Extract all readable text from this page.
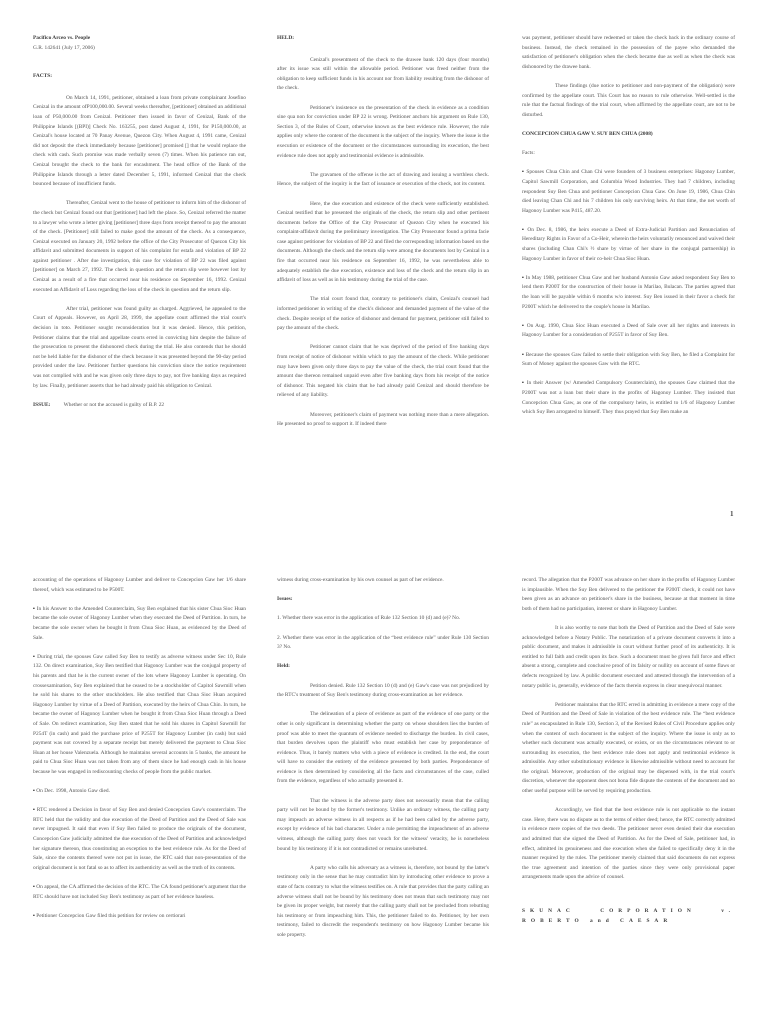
Pacifico Arceo vs. People

G.R. 142641 (July 17, 2006)

FACTS:

On March 14, 1991, petitioner, obtained a loan from private complainant Josefino Cenizal in the amount ofP100,000.00. Several weeks thereafter, [petitioner] obtained an additional loan of P50,000.00 from Cenizal. Petitioner then issued in favor of Cenizal, Bank of the Philippine Islands [(BPI)] Check No. 163255, post dated August 4, 1991, for P150,000.00, at Cenizal's house located at 70 Panay Avenue, Quezon City. When August 4, 1991 came, Cenizal did not deposit the check immediately because [petitioner] promised [] that he would replace the check with cash. Such promise was made verbally seven (7) times. When his patience ran out, Cenizal brought the check to the bank for encashment. The head office of the Bank of the Philippine Islands through a letter dated December 5, 1991, informed Cenizal that the check bounced because of insufficient funds.

Thereafter, Cenizal went to the house of petitioner to inform him of the dishonor of the check but Cenizal found out that [petitioner] had left the place. So, Cenizal referred the matter to a lawyer who wrote a letter giving [petitioner] three days from receipt thereof to pay the amount of the check. [Petitioner] still failed to make good the amount of the check. As a consequence, Cenizal executed on January 20, 1992 before the office of the City Prosecutor of Quezon City his affidavit and submitted documents in support of his complaint for estafa and violation of BP 22 against petitioner . After due investigation, this case for violation of BP 22 was filed against [petitioner] on March 27, 1992. The check in question and the return slip were however lost by Cenizal as a result of a fire that occurred near his residence on September 16, 1992. Cenizal executed an Affidavit of Loss regarding the loss of the check in question and the return slip.

After trial, petitioner was found guilty as charged. Aggrieved, he appealed to the Court of Appeals. However, on April 28, 1999, the appellate court affirmed the trial court's decision in toto. Petitioner sought reconsideration but it was denied. Hence, this petition, Petitioner claims that the trial and appellate courts erred in convicting him despite the failure of the prosecution to present the dishonored check during the trial. He also contends that he should not be held liable for the dishonor of the check because it was presented beyond the 90-day period provided under the law. Petitioner further questions his conviction since the notice requirement was not complied with and he was given only three days to pay, not five banking days as required by law. Finally, petitioner asserts that he had already paid his obligation to Cenizal.

ISSUE: Whether or not the accused is guilty of B.P. 22

HELD:

Cenizal's presentment of the check to the drawee bank 120 days (four months) after its issue was still within the allowable period. Petitioner was freed neither from the obligation to keep sufficient funds in his account nor from liability resulting from the dishonor of the check.

Petitioner's insistence on the presentation of the check in evidence as a condition sine qua non for conviction under BP 22 is wrong. Petitioner anchors his argument on Rule 130, Section 3, of the Rules of Court, otherwise known as the best evidence rule. However, the rule applies only where the content of the document is the subject of the inquiry. Where the issue is the execution or existence of the document or the circumstances surrounding its execution, the best evidence rule does not apply and testimonial evidence is admissible.

The gravamen of the offense is the act of drawing and issuing a worthless check. Hence, the subject of the inquiry is the fact of issuance or execution of the check, not its content.

Here, the due execution and existence of the check were sufficiently established. Cenizal testified that he presented the originals of the check, the return slip and other pertinent documents before the Office of the City Prosecutor of Quezon City when he executed his complaint-affidavit during the preliminary investigation. The City Prosecutor found a prima facie case against petitioner for violation of BP 22 and filed the corresponding information based on the documents. Although the check and the return slip were among the documents lost by Cenizal in a fire that occurred near his residence on September 16, 1992, he was nevertheless able to adequately establish the due execution, existence and loss of the check and the return slip in an affidavit of loss as well as in his testimony during the trial of the case.

The trial court found that, contrary to petitioner's claim, Cenizal's counsel had informed petitioner in writing of the check's dishonor and demanded payment of the value of the check. Despite receipt of the notice of dishonor and demand for payment, petitioner still failed to pay the amount of the check.

Petitioner cannot claim that he was deprived of the period of five banking days from receipt of notice of dishonor within which to pay the amount of the check. While petitioner may have been given only three days to pay the value of the check, the trial court found that the amount due thereon remained unpaid even after five banking days from his receipt of the notice of dishonor. This negated his claim that he had already paid Cenizal and should therefore be relieved of any liability.

Moreover, petitioner's claim of payment was nothing more than a mere allegation. He presented no proof to support it. If indeed there

was payment, petitioner should have redeemed or taken the check back in the ordinary course of business. Instead, the check remained in the possession of the payee who demanded the satisfaction of petitioner's obligation when the check became due as well as when the check was dishonored by the drawee bank.

These findings (due notice to petitioner and non-payment of the obligation) were confirmed by the appellate court. This Court has no reason to rule otherwise. Well-settled is the rule that the factual findings of the trial court, when affirmed by the appellate court, are not to be disturbed.

CONCEPCION CHUA GAW V. SUY BEN CHUA (2008)

Facts:

▪ Spouses Chua Chin and Chan Chi were founders of 3 business enterprises: Hagonoy Lumber, Capitol Sawmill Corporation, and Columbia Wood Industries. They had 7 children, including respondent Suy Ben Chua and petitioner Concepcion Chua Gaw. On June 19, 1986, Chua Chin died leaving Chan Chi and his 7 children his only surviving heirs. At that time, the net worth of Hagonoy Lumber was P415, 487.20.

▪ On Dec. 8, 1986, the heirs execute a Deed of Extra-Judicial Partition and Renunciation of Hereditary Rights in Favor of a Co-Heir, wherein the heirs voluntarily renounced and waived their shares (including Chan Chi's ½ share by virtue of her share in the conjugal partnership) in Hagonoy Lumber in favor of their co-heir Chua Sioc Huan.

▪ In May 1988, petitioner Chua Gaw and her husband Antonio Gaw asked respondent Suy Ben to lend them P200T for the construction of their house in Marilao, Bulacan. The parties agreed that the loan will be payable within 6 months w/o interest. Suy Ben issued in their favor a check for P200T which he delivered to the couple's house in Marilao.

▪ On Aug. 1990, Chua Sioc Huan executed a Deed of Sale over all her rights and interests in Hagonoy Lumber for a consideration of P255T in favor of Suy Ben.

▪ Because the spouses Gaw failed to settle their obligation with Suy Ben, he filed a Complaint for Sum of Money against the spouses Gaw with the RTC.

▪ In their Answer (w/ Amended Compulsory Counterclaim), the spouses Gaw claimed that the P200T was not a loan but their share in the profits of Hagonoy Lumber. They insisted that Concepcion Chua Gaw, as one of the compulsory heirs, is entitled to 1/6 of Hagonoy Lumber which Suy Ben arrogated to himself. They thus prayed that Suy Ben make an

1

accounting of the operations of Hagonoy Lumber and deliver to Concepcion Gaw her 1/6 share thereof, which was estimated to be P500T.

▪ In his Answer to the Amended Counterclaim, Suy Ben explained that his sister Chua Sioc Huan became the sole owner of Hagonoy Lumber when they executed the Deed of Partition. In turn, he became the sole owner when he bought it from Chua Sioc Huan, as evidenced by the Deed of Sale.

▪ During trial, the spouses Gaw called Suy Ben to testify as adverse witness under Sec 10, Rule 132. On direct examination, Suy Ben testified that Hagonoy Lumber was the conjugal property of his parents and that he is the current owner of the lots where Hagonoy Lumber is operating. On crossexamination, Suy Ben explained that he ceased to be a stockholder of Capitol Sawmill when he sold his shares to the other stockholders. He also testified that Chua Sioc Huan acquired Hagonoy Lumber by virtue of a Deed of Partition, executed by the heirs of Chua Chin. In turn, he became the owner of Hagonoy Lumber when he bought it from Chua Sioc Huan through a Deed of Sale. On redirect examination, Suy Ben stated that he sold his shares in Capitol Sawmill for P254T (in cash) and paid the purchase price of P255T for Hagonoy Lumber (in cash) but said payment was not covered by a separate receipt but merely delivered the payment to Chua Sioc Huan at her house Valenzuela. Although he maintains several accounts in 5 banks, the amount he paid to Chua Sioc Huan was not taken from any of them since he had enough cash in his house because he was engaged in rediscounting checks of people from the public market.

▪ On Dec. 1998, Antonio Gaw died.

▪ RTC rendered a Decision in favor of Suy Ben and denied Concepcion Gaw's counterclaim. The RTC held that the validity and due execution of the Deed of Partition and the Deed of Sale was never impugned. It said that even if Suy Ben failed to produce the originals of the document, Concepcion Gaw judicially admitted the due execution of the Deed of Partition and acknowledged her signature thereon, thus constituting an exception to the best evidence rule. As for the Deed of Sale, since the contents thereof were not put in issue, the RTC said that non-presentation of the original document is not fatal so as to affect its authenticity as well as the truth of its contents.

▪ On appeal, the CA affirmed the decision of the RTC. The CA found petitioner's argument that the RTC should have not included Suy Ben's testimony as part of her evidence baseless.

▪ Petitioner Concepcion Gaw filed this petition for review on certiorari

witness during cross-examination by his own counsel as part of her evidence.

Issues:

1. Whether there was error in the application of Rule 132 Section 10 (d) and (e)? No.

2. Whether there was error in the application of the “best evidence rule” under Rule 130 Section 3? No.

Held:

Petition denied. Rule 132 Section 10 (d) and (e) Gaw's case was not prejudiced by the RTC's treatment of Suy Ben's testimony during cross-examination as her evidence.

The delineation of a piece of evidence as part of the evidence of one party or the other is only significant in determining whether the party on whose shoulders lies the burden of proof was able to meet the quantum of evidence needed to discharge the burden. In civil cases, that burden devolves upon the plaintiff who must establish her case by preponderance of evidence. Thus, it barely matters who with a piece of evidence is credited. In the end, the court will have to consider the entirety of the evidence presented by both parties. Preponderance of evidence is then determined by considering all the facts and circumstances of the case, culled from the evidence, regardless of who actually presented it.

That the witness is the adverse party does not necessarily mean that the calling party will not be bound by the former's testimony. Unlike an ordinary witness, the calling party may impeach an adverse witness in all respects as if he had been called by the adverse party, except by evidence of his bad character. Under a rule permitting the impeachment of an adverse witness, although the calling party does not vouch for the witness' veracity, he is nonetheless bound by his testimony if it is not contradicted or remains unrebutted.

A party who calls his adversary as a witness is, therefore, not bound by the latter's testimony only in the sense that he may contradict him by introducing other evidence to prove a state of facts contrary to what the witness testifies on. A rule that provides that the party calling an adverse witness shall not be bound by his testimony does not mean that such testimony may not be given its proper weight, but merely that the calling party shall not be precluded from rebutting his testimony or from impeaching him. This, the petitioner failed to do. Petitioner, by her own testimony, failed to discredit the respondent's testimony on how Hagonoy Lumber became his sole property.

record. The allegation that the P200T was advance on her share in the profits of Hagonoy Lumber is implausible. When the Suy Ben delivered to the petitioner the P200T check, it could not have been given as an advance on petitioner's share in the business, because at that moment in time both of them had no participation, interest or share in Hagonoy Lumber.

It is also worthy to note that both the Deed of Partition and the Deed of Sale were acknowledged before a Notary Public. The notarization of a private document converts it into a public document, and makes it admissible in court without further proof of its authenticity. It is entitled to full faith and credit upon its face. Such a document must be given full force and effect absent a strong, complete and conclusive proof of its falsity or nullity on account of some flaws or defects recognized by law. A public document executed and attested through the intervention of a notary public is, generally, evidence of the facts therein express in clear unequivocal manner.

Petitioner maintains that the RTC erred in admitting in evidence a mere copy of the Deed of Partition and the Deed of Sale in violation of the best evidence rule. The “best evidence rule” as encapsulated in Rule 130, Section 3, of the Revised Rules of Civil Procedure applies only when the content of such document is the subject of the inquiry. Where the issue is only as to whether such document was actually executed, or exists, or on the circumstances relevant to or surrounding its execution, the best evidence rule does not apply and testimonial evidence is admissible. Any other substitutionary evidence is likewise admissible without need to account for the original. Moreover, production of the original may be dispensed with, in the trial court's discretion, whenever the opponent does not bona fide dispute the contents of the document and no other useful purpose will be served by requiring production.

Accordingly, we find that the best evidence rule is not applicable to the instant case. Here, there was no dispute as to the terms of either deed; hence, the RTC correctly admitted in evidence mere copies of the two deeds. The petitioner never even denied their due execution and admitted that she signed the Deed of Partition. As for the Deed of Sale, petitioner had, in effect, admitted its genuineness and due execution when she failed to specifically deny it in the manner required by the rules. The petitioner merely claimed that said documents do not express the true agreement and intention of the parties since they were only provisional paper arrangements made upon the advice of counsel.

SKUNAC CORPORATION v. ROBERTO and CAESAR
